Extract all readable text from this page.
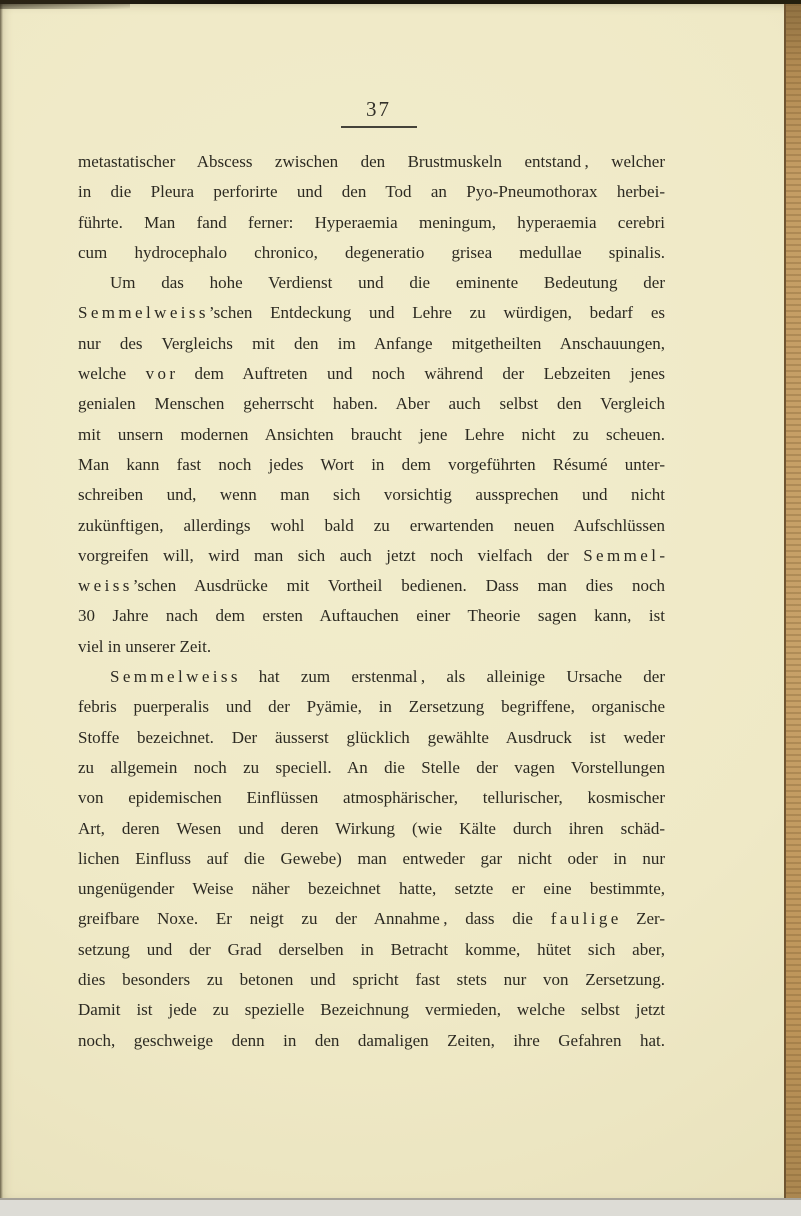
37
metastatischer Abscess zwischen den Brustmuskeln entstand , welcher
in die Pleura perforirte und den Tod an Pyo-Pneumothorax herbei-
führte. Man fand ferner: Hyperaemia meningum, hyperaemia cerebri
cum hydrocephalo chronico, degeneratio grisea medullae spinalis.
Um das hohe Verdienst und die eminente Bedeutung der
S e m m e l w e i s s ’schen Entdeckung und Lehre zu würdigen, bedarf es
nur des Vergleichs mit den im Anfange mitgetheilten Anschauungen,
welche v o r dem Auftreten und noch während der Lebzeiten jenes
genialen Menschen geherrscht haben. Aber auch selbst den Vergleich
mit unsern modernen Ansichten braucht jene Lehre nicht zu scheuen.
Man kann fast noch jedes Wort in dem vorgeführten Résumé unter-
schreiben und, wenn man sich vorsichtig aussprechen und nicht
zukünftigen, allerdings wohl bald zu erwartenden neuen Aufschlüssen
vorgreifen will, wird man sich auch jetzt noch vielfach der S e m m e l -
w e i s s ’schen Ausdrücke mit Vortheil bedienen. Dass man dies noch
30 Jahre nach dem ersten Auftauchen einer Theorie sagen kann, ist
viel in unserer Zeit.
S e m m e l w e i s s hat zum erstenmal , als alleinige Ursache der
febris puerperalis und der Pyämie, in Zersetzung begriffene, organische
Stoffe bezeichnet. Der äusserst glücklich gewählte Ausdruck ist weder
zu allgemein noch zu speciell. An die Stelle der vagen Vorstellungen
von epidemischen Einflüssen atmosphärischer, tellurischer, kosmischer
Art, deren Wesen und deren Wirkung (wie Kälte durch ihren schäd-
lichen Einfluss auf die Gewebe) man entweder gar nicht oder in nur
ungenügender Weise näher bezeichnet hatte, setzte er eine bestimmte,
greifbare Noxe. Er neigt zu der Annahme , dass die f a u l i g e Zer-
setzung und der Grad derselben in Betracht komme, hütet sich aber,
dies besonders zu betonen und spricht fast stets nur von Zersetzung.
Damit ist jede zu spezielle Bezeichnung vermieden, welche selbst jetzt
noch, geschweige denn in den damaligen Zeiten, ihre Gefahren hat.
